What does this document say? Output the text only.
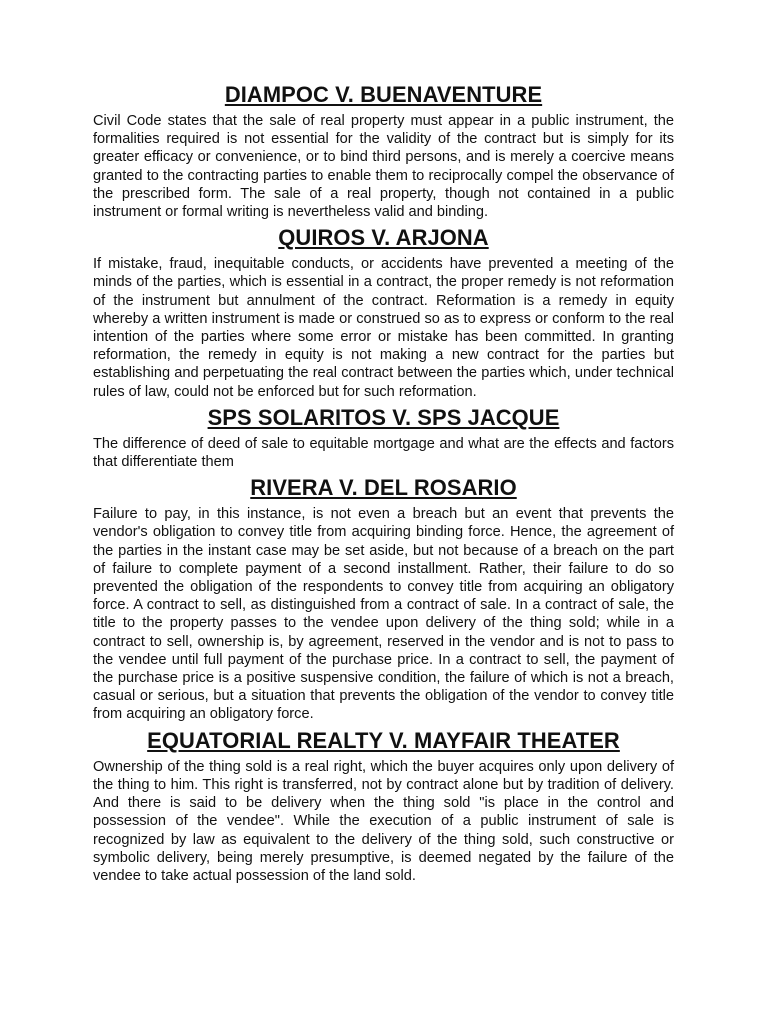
DIAMPOC V. BUENAVENTURE

Civil Code states that the sale of real property must appear in a public instrument, the formalities required is not essential for the validity of the contract but is simply for its greater efficacy or convenience, or to bind third persons, and is merely a coercive means granted to the contracting parties to enable them to reciprocally compel the observance of the prescribed form. The sale of a real property, though not contained in a public instrument or formal writing is nevertheless valid and binding.

QUIROS V. ARJONA

If mistake, fraud, inequitable conducts, or accidents have prevented a meeting of the minds of the parties, which is essential in a contract, the proper remedy is not reformation of the instrument but annulment of the contract. Reformation is a remedy in equity whereby a written instrument is made or construed so as to express or conform to the real intention of the parties where some error or mistake has been committed. In granting reformation, the remedy in equity is not making a new contract for the parties but establishing and perpetuating the real contract between the parties which, under technical rules of law, could not be enforced but for such reformation.

SPS SOLARITOS V. SPS JACQUE

The difference of deed of sale to equitable mortgage and what are the effects and factors that differentiate them

RIVERA V. DEL ROSARIO

Failure to pay, in this instance, is not even a breach but an event that prevents the vendor's obligation to convey title from acquiring binding force. Hence, the agreement of the parties in the instant case may be set aside, but not because of a breach on the part of failure to complete payment of a second installment. Rather, their failure to do so prevented the obligation of the respondents to convey title from acquiring an obligatory force. A contract to sell, as distinguished from a contract of sale. In a contract of sale, the title to the property passes to the vendee upon delivery of the thing sold; while in a contract to sell, ownership is, by agreement, reserved in the vendor and is not to pass to the vendee until full payment of the purchase price. In a contract to sell, the payment of the purchase price is a positive suspensive condition, the failure of which is not a breach, casual or serious, but a situation that prevents the obligation of the vendor to convey title from acquiring an obligatory force.

EQUATORIAL REALTY V. MAYFAIR THEATER

Ownership of the thing sold is a real right, which the buyer acquires only upon delivery of the thing to him. This right is transferred, not by contract alone but by tradition of delivery. And there is said to be delivery when the thing sold "is place in the control and possession of the vendee". While the execution of a public instrument of sale is recognized by law as equivalent to the delivery of the thing sold, such constructive or symbolic delivery, being merely presumptive, is deemed negated by the failure of the vendee to take actual possession of the land sold.
